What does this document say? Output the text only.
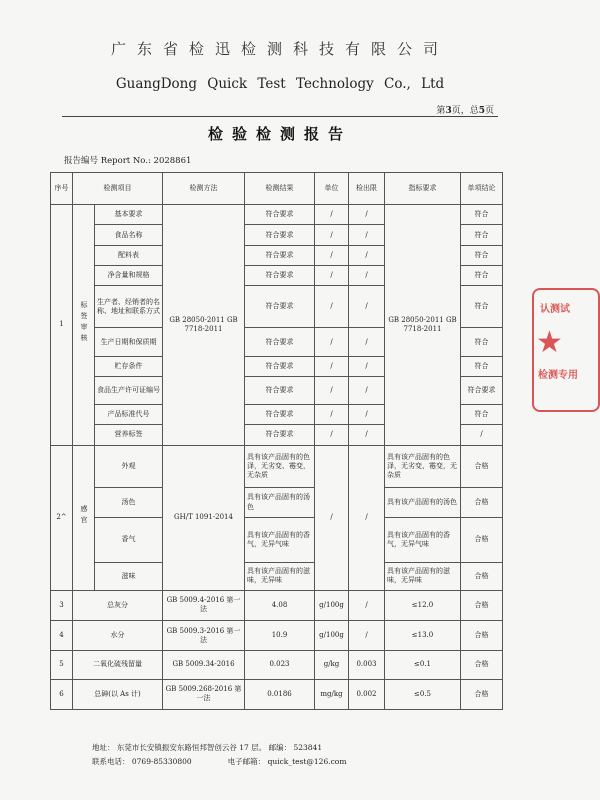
广东省检迅检测科技有限公司
GuangDong Quick Test Technology Co., Ltd
第3页，总5页
检验检测报告
报告编号 Report No.: 2028861
序号	检测项目		检测方法	检测结果	单位	检出限	指标要求	单项结论
1	标签审核	基本要求	GB 28050-2011 GB 7718-2011	符合要求	/	/	GB 28050-2011 GB 7718-2011	符合
		食品名称		符合要求	/	/		符合
		配料表		符合要求	/	/		符合
		净含量和规格		符合要求	/	/		符合
		生产者、经销者的名称、地址和联系方式		符合要求	/	/		符合
		生产日期和保质期		符合要求	/	/		符合
		贮存条件		符合要求	/	/		符合
		食品生产许可证编号		符合要求	/	/		符合要求
		产品标准代号		符合要求	/	/		符合
		营养标签		符合要求	/	/		/
2^	感官	外观	GH/T 1091-2014	具有该产品固有的色泽，无劣变、霉变，无杂质	/	/	具有该产品固有的色泽，无劣变、霉变，无杂质	合格
		汤色		具有该产品固有的汤色			具有该产品固有的汤色	合格
		香气		具有该产品固有的香气，无异气味			具有该产品固有的香气，无异气味	合格
		滋味		具有该产品固有的滋味，无异味			具有该产品固有的滋味，无异味	合格
3	总灰分		GB 5009.4-2016 第一法	4.08	g/100g	/	≤12.0	合格
4	水分		GB 5009.3-2016 第一法	10.9	g/100g	/	≤13.0	合格
5	二氧化硫残留量		GB 5009.34-2016	0.023	g/kg	0.003	≤0.1	合格
6	总砷(以 As 计)		GB 5009.268-2016 第一法	0.0186	mg/kg	0.002	≤0.5	合格
认测试
★
检测专用
地址： 东莞市长安镇振安东路恒邦智创云谷 17 层。 邮编： 523841
联系电话： 0769-85330800	电子邮箱： quick_test@126.com
